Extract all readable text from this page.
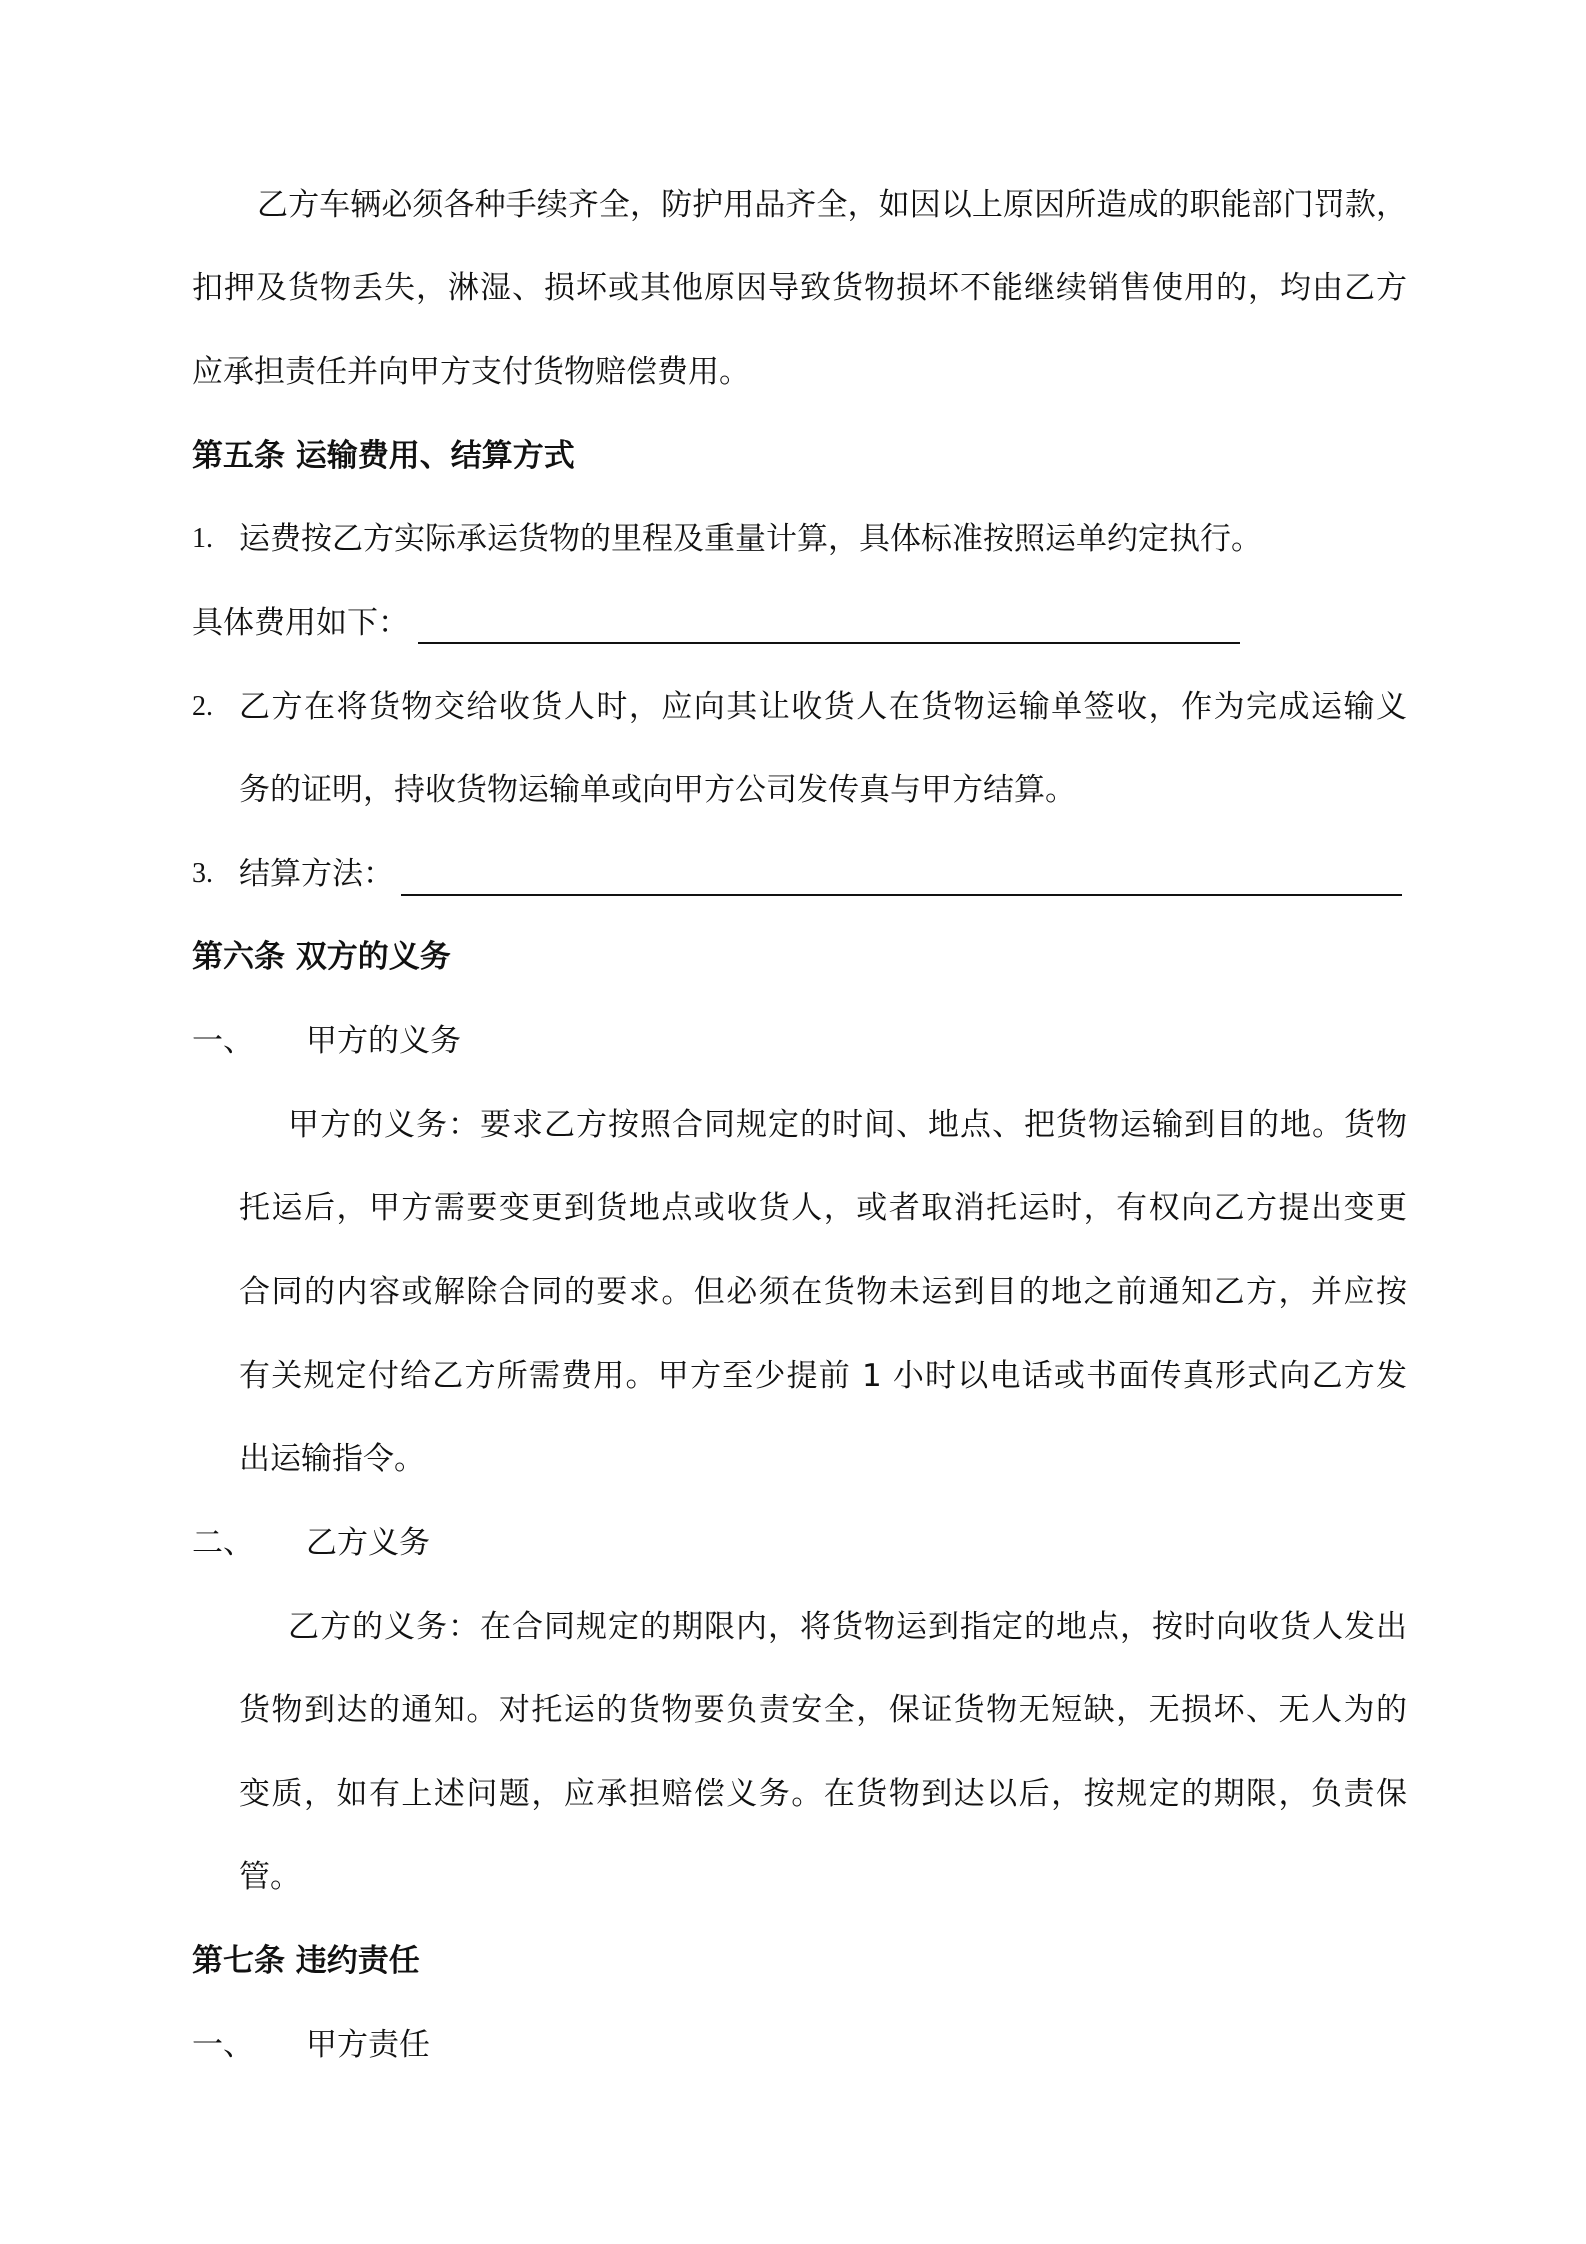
乙方车辆必须各种手续齐全，防护用品齐全，如因以上原因所造成的职能部门罚款，
扣押及货物丢失，淋湿、损坏或其他原因导致货物损坏不能继续销售使用的，均由乙方
应承担责任并向甲方支付货物赔偿费用。
第五条 运输费用、结算方式
1. 运费按乙方实际承运货物的里程及重量计算，具体标准按照运单约定执行。
具体费用如下：
2. 乙方在将货物交给收货人时，应向其让收货人在货物运输单签收，作为完成运输义
务的证明，持收货物运输单或向甲方公司发传真与甲方结算。
3. 结算方法：
第六条 双方的义务
一、 甲方的义务
甲方的义务：要求乙方按照合同规定的时间、地点、把货物运输到目的地。货物
托运后，甲方需要变更到货地点或收货人，或者取消托运时，有权向乙方提出变更
合同的内容或解除合同的要求。但必须在货物未运到目的地之前通知乙方，并应按
有关规定付给乙方所需费用。甲方至少提前 1 小时以电话或书面传真形式向乙方发
出运输指令。
二、 乙方义务
乙方的义务：在合同规定的期限内，将货物运到指定的地点，按时向收货人发出
货物到达的通知。对托运的货物要负责安全，保证货物无短缺，无损坏、无人为的
变质，如有上述问题，应承担赔偿义务。在货物到达以后，按规定的期限，负责保
管。
第七条 违约责任
一、 甲方责任
